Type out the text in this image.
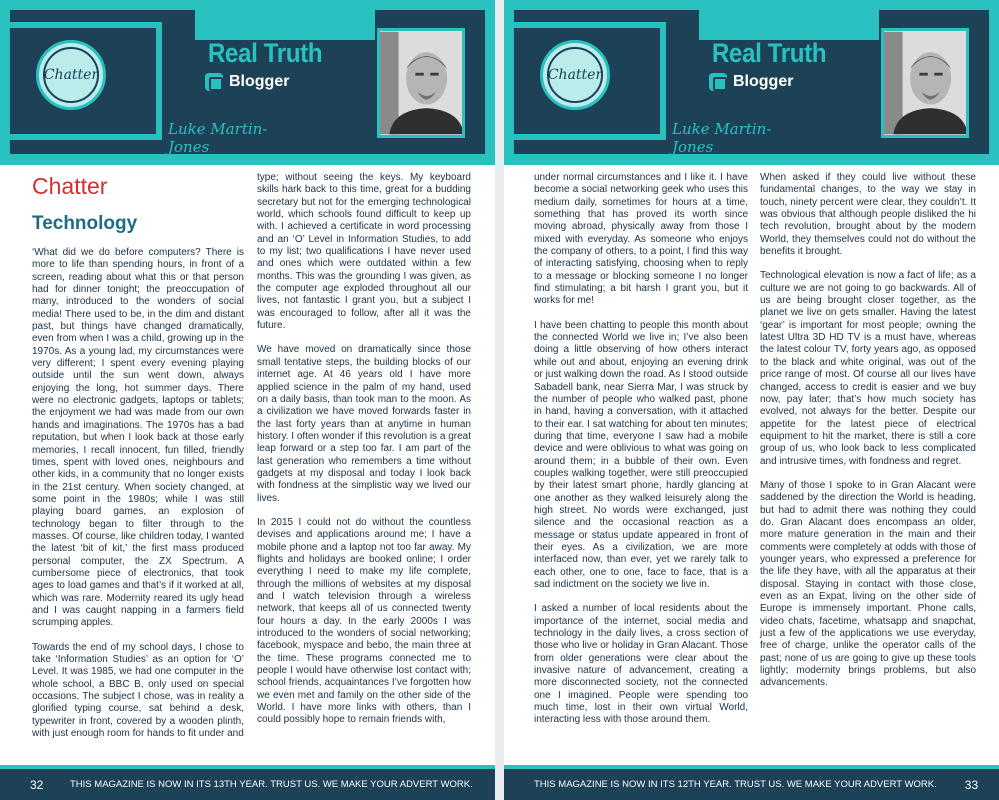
Chatter
Real Truth
Blogger
Luke Martin-Jones
Chatter
Technology

‘What did we do before computers? There is more to life than spending hours, in front of a screen, reading about what this or that person had for dinner tonight; the preoccupation of many, introduced to the wonders of social media! There used to be, in the dim and distant past, but things have changed dramatically, even from when I was a child, growing up in the 1970s. As a young lad, my circumstances were very different; I spent every evening playing outside until the sun went down, always enjoying the long, hot summer days. There were no electronic gadgets, laptops or tablets; the enjoyment we had was made from our own hands and imaginations. The 1970s has a bad reputation, but when I look back at those early memories, I recall innocent, fun filled, friendly times, spent with loved ones, neighbours and other kids, in a community that no longer exists in the 21st century. When society changed, at some point in the 1980s; while I was still playing board games, an explosion of technology began to filter through to the masses. Of course, like children today, I wanted the latest ‘bit of kit,’ the first mass produced personal computer, the ZX Spectrum. A cumbersome piece of electronics, that took ages to load games and that’s if it worked at all, which was rare. Modernity reared its ugly head and I was caught napping in a farmers field scrumping apples.

Towards the end of my school days, I chose to take ‘Information Studies’ as an option for ‘O’ Level. It was 1985, we had one computer in the whole school, a BBC B, only used on special occasions. The subject I chose, was in reality a glorified typing course, sat behind a desk, typewriter in front, covered by a wooden plinth, with just enough room for hands to fit under and

type; without seeing the keys. My keyboard skills hark back to this time, great for a budding secretary but not for the emerging technological world, which schools found difficult to keep up with. I achieved a certificate in word processing and an ‘O’ Level in Information Studies, to add to my list; two qualifications I have never used and ones which were outdated within a few months. This was the grounding I was given, as the computer age exploded throughout all our lives, not fantastic I grant you, but a subject I was encouraged to follow, after all it was the future.

We have moved on dramatically since those small tentative steps, the building blocks of our internet age. At 46 years old I have more applied science in the palm of my hand, used on a daily basis, than took man to the moon. As a civilization we have moved forwards faster in the last forty years than at anytime in human history. I often wonder if this revolution is a great leap forward or a step too far. I am part of the last generation who remembers a time without gadgets at my disposal and today I look back with fondness at the simplistic way we lived our lives.

In 2015 I could not do without the countless devises and applications around me; I have a mobile phone and a laptop not too far away. My flights and holidays are booked online; I order everything I need to make my life complete, through the millions of websites at my disposal and I watch television through a wireless network, that keeps all of us connected twenty four hours a day. In the early 2000s I was introduced to the wonders of social networking; facebook, myspace and bebo, the main three at the time. These programs connected me to people I would have otherwise lost contact with; school friends, acquaintances I’ve forgotten how we even met and family on the other side of the World. I have more links with others, than I could possibly hope to remain friends with,

32	THIS MAGAZINE IS NOW IN ITS 13TH YEAR. TRUST US. WE MAKE YOUR ADVERT WORK.
Chatter
Real Truth
Blogger
Luke Martin-Jones

under normal circumstances and I like it. I have become a social networking geek who uses this medium daily, sometimes for hours at a time, something that has proved its worth since moving abroad, physically away from those I mixed with everyday. As someone who enjoys the company of others, to a point, I find this way of interacting satisfying, choosing when to reply to a message or blocking someone I no longer find stimulating; a bit harsh I grant you, but it works for me!

I have been chatting to people this month about the connected World we live in; I’ve also been doing a little observing of how others interact while out and about, enjoying an evening drink or just walking down the road. As I stood outside Sabadell bank, near Sierra Mar, I was struck by the number of people who walked past, phone in hand, having a conversation, with it attached to their ear. I sat watching for about ten minutes; during that time, everyone I saw had a mobile device and were oblivious to what was going on around them; in a bubble of their own. Even couples walking together, were still preoccupied by their latest smart phone, hardly glancing at one another as they walked leisurely along the high street. No words were exchanged, just silence and the occasional reaction as a message or status update appeared in front of their eyes. As a civilization, we are more interfaced now, than ever, yet we rarely talk to each other, one to one, face to face, that is a sad indictment on the society we live in.

I asked a number of local residents about the importance of the internet, social media and technology in the daily lives, a cross section of those who live or holiday in Gran Alacant. Those from older generations were clear about the invasive nature of advancement, creating a more disconnected society, not the connected one I imagined. People were spending too much time, lost in their own virtual World, interacting less with those around them.

When asked if they could live without these fundamental changes, to the way we stay in touch, ninety percent were clear, they couldn’t. It was obvious that although people disliked the hi tech revolution, brought about by the modern World, they themselves could not do without the benefits it brought.

Technological elevation is now a fact of life; as a culture we are not going to go backwards. All of us are being brought closer together, as the planet we live on gets smaller. Having the latest ‘gear’ is important for most people; owning the latest Ultra 3D HD TV is a must have, whereas the latest colour TV, forty years ago, as opposed to the black and white original, was out of the price range of most. Of course all our lives have changed, access to credit is easier and we buy now, pay later; that’s how much society has evolved, not always for the better. Despite our appetite for the latest piece of electrical equipment to hit the market, there is still a core group of us, who look back to less complicated and intrusive times, with fondness and regret.

Many of those I spoke to in Gran Alacant were saddened by the direction the World is heading, but had to admit there was nothing they could do. Gran Alacant does encompass an older, more mature generation in the main and their comments were completely at odds with those of younger years, who expressed a preference for the life they have, with all the apparatus at their disposal. Staying in contact with those close, even as an Expat, living on the other side of Europe is immensely important. Phone calls, video chats, facetime, whatsapp and snapchat, just a few of the applications we use everyday, free of charge, unlike the operator calls of the past; none of us are going to give up these tools lightly; modernity brings problems, but also advancements.

THIS MAGAZINE IS NOW IN ITS 12TH YEAR. TRUST US. WE MAKE YOUR ADVERT WORK. 33
